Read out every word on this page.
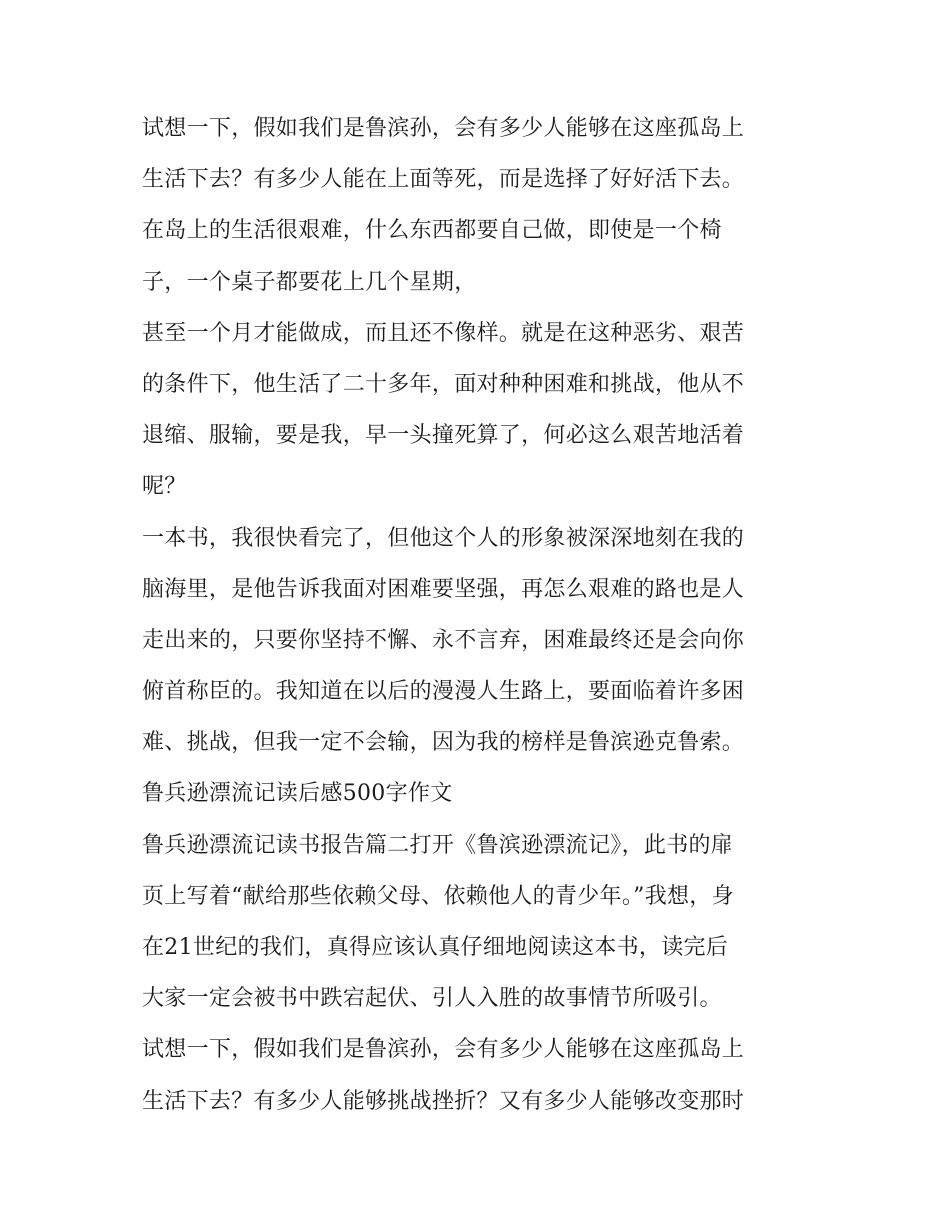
试想一下，假如我们是鲁滨孙，会有多少人能够在这座孤岛上
生活下去？有多少人能在上面等死，而是选择了好好活下去。
在岛上的生活很艰难，什么东西都要自己做，即使是一个椅
子，一个桌子都要花上几个星期，
甚至一个月才能做成，而且还不像样。就是在这种恶劣、艰苦
的条件下，他生活了二十多年，面对种种困难和挑战，他从不
退缩、服输，要是我，早一头撞死算了，何必这么艰苦地活着
呢？
一本书，我很快看完了，但他这个人的形象被深深地刻在我的
脑海里，是他告诉我面对困难要坚强，再怎么艰难的路也是人
走出来的，只要你坚持不懈、永不言弃，困难最终还是会向你
俯首称臣的。我知道在以后的漫漫人生路上，要面临着许多困
难、挑战，但我一定不会输，因为我的榜样是鲁滨逊克鲁索。
鲁兵逊漂流记读后感500字作文
鲁兵逊漂流记读书报告篇二打开《鲁滨逊漂流记》，此书的扉
页上写着“献给那些依赖父母、依赖他人的青少年。”我想，身
在21世纪的我们，真得应该认真仔细地阅读这本书，读完后
大家一定会被书中跌宕起伏、引人入胜的故事情节所吸引。
试想一下，假如我们是鲁滨孙，会有多少人能够在这座孤岛上
生活下去？有多少人能够挑战挫折？又有多少人能够改变那时
